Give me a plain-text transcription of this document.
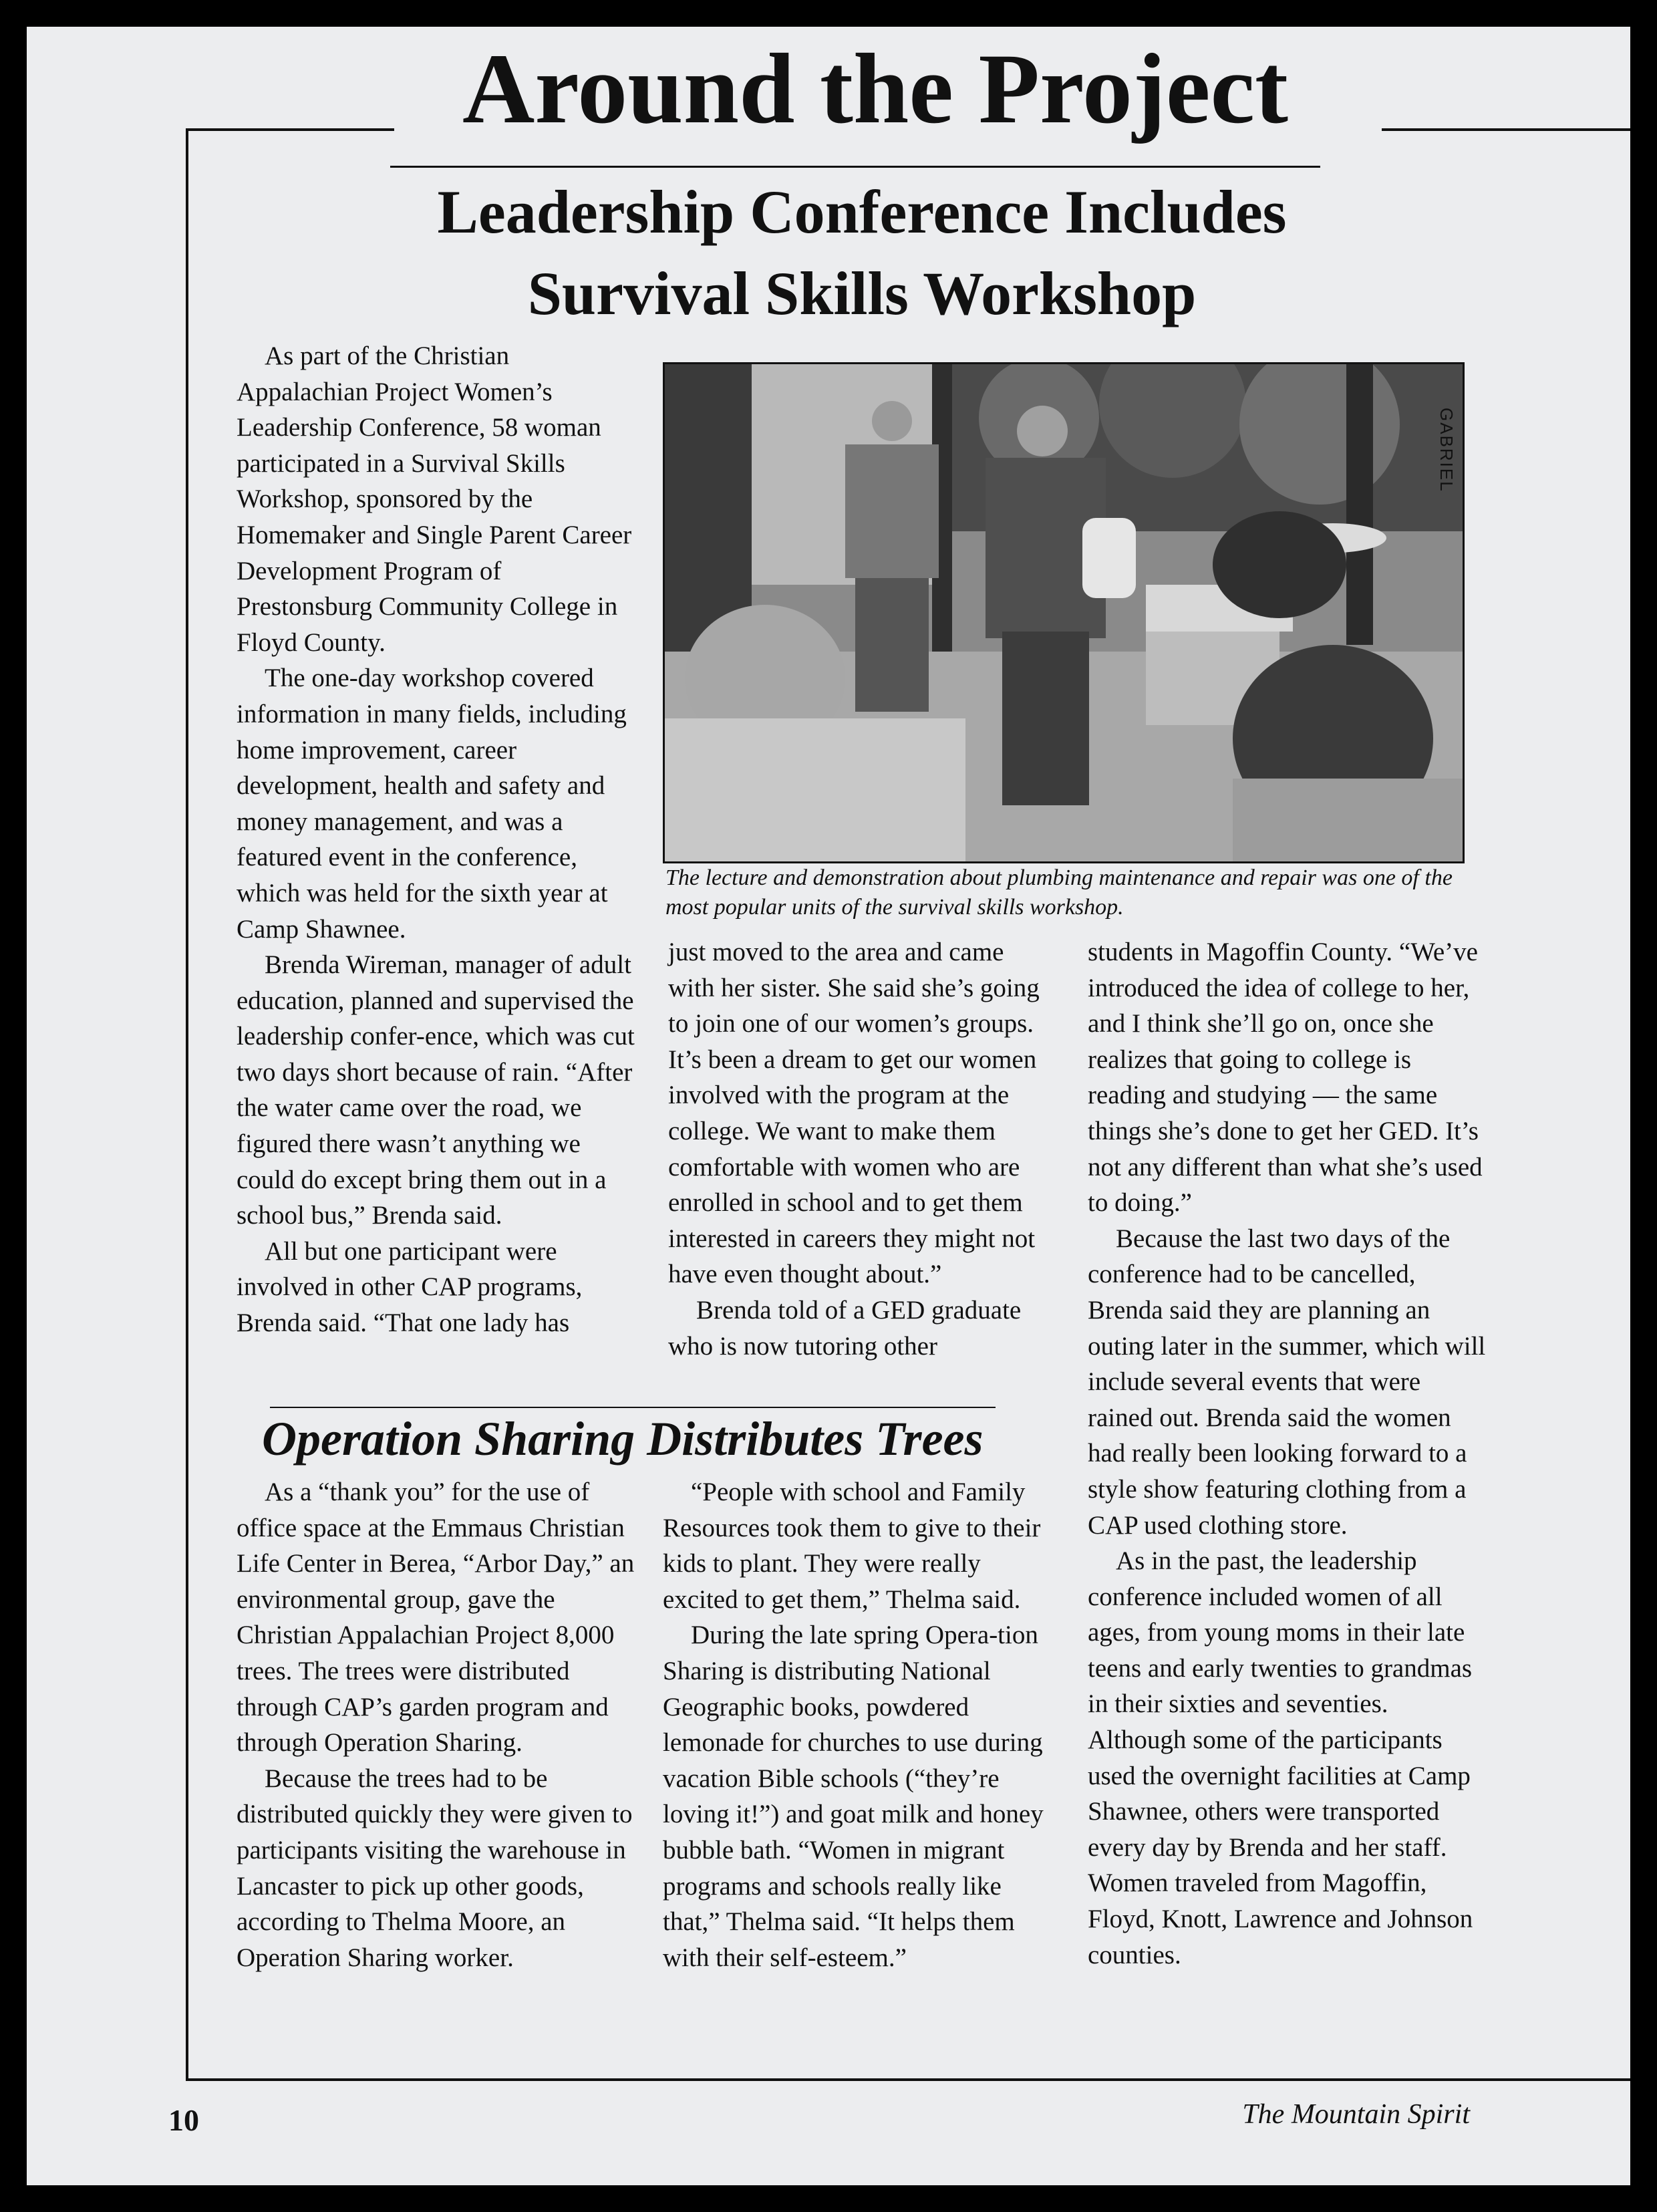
Around the Project
Leadership Conference Includes
Survival Skills Workshop

As part of the Christian Appalachian Project Women’s Leadership Conference, 58 woman participated in a Survival Skills Workshop, sponsored by the Homemaker and Single Parent Career Development Program of Prestonsburg Community College in Floyd County.

The one-day workshop covered information in many fields, including home improvement, career development, health and safety and money management, and was a featured event in the conference, which was held for the sixth year at Camp Shawnee.

Brenda Wireman, manager of adult education, planned and supervised the leadership confer-ence, which was cut two days short because of rain. “After the water came over the road, we figured there wasn’t anything we could do except bring them out in a school bus,” Brenda said.

All but one participant were involved in other CAP programs, Brenda said. “That one lady has

GABRIEL

The lecture and demonstration about plumbing maintenance and repair was one of the most popular units of the survival skills workshop.

just moved to the area and came with her sister. She said she’s going to join one of our women’s groups. It’s been a dream to get our women involved with the program at the college. We want to make them comfortable with women who are enrolled in school and to get them interested in careers they might not have even thought about.”

Brenda told of a GED graduate who is now tutoring other

students in Magoffin County. “We’ve introduced the idea of college to her, and I think she’ll go on, once she realizes that going to college is reading and studying — the same things she’s done to get her GED. It’s not any different than what she’s used to doing.”

Because the last two days of the conference had to be cancelled, Brenda said they are planning an outing later in the summer, which will include several events that were rained out. Brenda said the women had really been looking forward to a style show featuring clothing from a CAP used clothing store.

As in the past, the leadership conference included women of all ages, from young moms in their late teens and early twenties to grandmas in their sixties and seventies. Although some of the participants used the overnight facilities at Camp Shawnee, others were transported every day by Brenda and her staff. Women traveled from Magoffin, Floyd, Knott, Lawrence and Johnson counties.

Operation Sharing Distributes Trees

As a “thank you” for the use of office space at the Emmaus Christian Life Center in Berea, “Arbor Day,” an environmental group, gave the Christian Appalachian Project 8,000 trees. The trees were distributed through CAP’s garden program and through Operation Sharing.

Because the trees had to be distributed quickly they were given to participants visiting the warehouse in Lancaster to pick up other goods, according to Thelma Moore, an Operation Sharing worker.

“People with school and Family Resources took them to give to their kids to plant. They were really excited to get them,” Thelma said.

During the late spring Opera-tion Sharing is distributing National Geographic books, powdered lemonade for churches to use during vacation Bible schools (“they’re loving it!”) and goat milk and honey bubble bath. “Women in migrant programs and schools really like that,” Thelma said. “It helps them with their self-esteem.”

10	The Mountain Spirit
